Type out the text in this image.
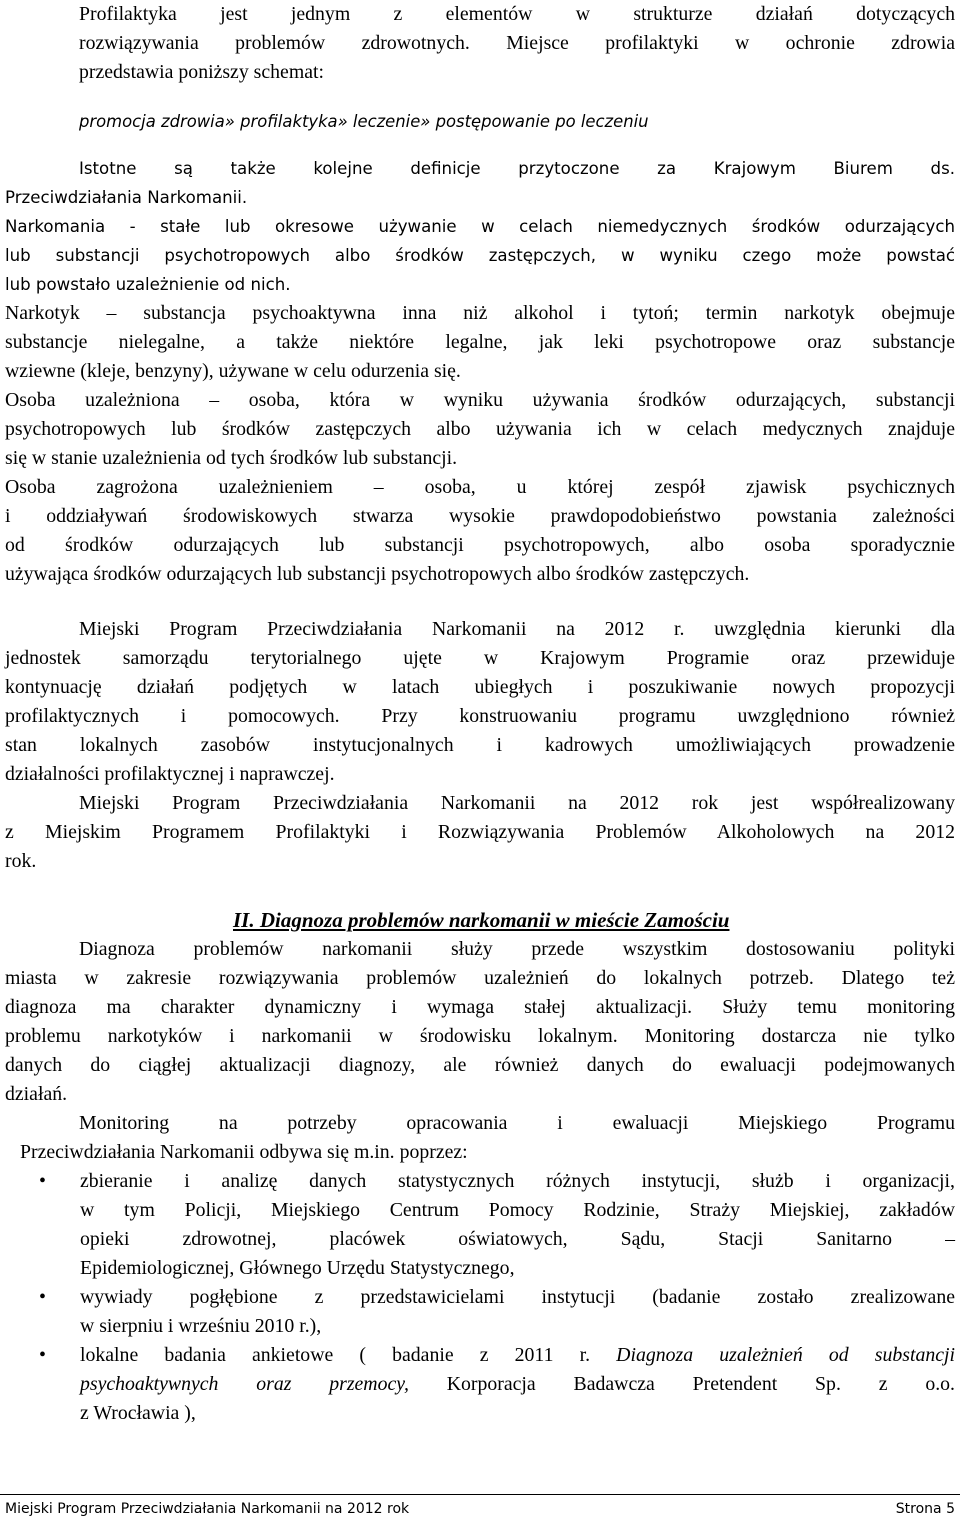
Profilaktyka jest jednym z elementów w strukturze działań dotyczących
rozwiązywania problemów zdrowotnych. Miejsce profilaktyki w ochronie zdrowia
przedstawia poniższy schemat:

promocja zdrowia» profilaktyka» leczenie» postępowanie po leczeniu

Istotne są także kolejne definicje przytoczone za Krajowym Biurem ds.
Przeciwdziałania Narkomanii.

Narkomania - stałe lub okresowe używanie w celach niemedycznych środków odurzających
lub substancji psychotropowych albo środków zastępczych, w wyniku czego może powstać
lub powstało uzależnienie od nich.

Narkotyk – substancja psychoaktywna inna niż alkohol i tytoń; termin narkotyk obejmuje
substancje nielegalne, a także niektóre legalne, jak leki psychotropowe oraz substancje
wziewne (kleje, benzyny), używane w celu odurzenia się.

Osoba uzależniona – osoba, która w wyniku używania środków odurzających, substancji
psychotropowych lub środków zastępczych albo używania ich w celach medycznych znajduje
się w stanie uzależnienia od tych środków lub substancji.

Osoba zagrożona uzależnieniem – osoba, u której zespół zjawisk psychicznych
i oddziaływań środowiskowych stwarza wysokie prawdopodobieństwo powstania zależności
od środków odurzających lub substancji psychotropowych, albo osoba sporadycznie
używająca środków odurzających lub substancji psychotropowych albo środków zastępczych.

Miejski Program Przeciwdziałania Narkomanii na 2012 r. uwzględnia kierunki dla
jednostek samorządu terytorialnego ujęte w Krajowym Programie oraz przewiduje
kontynuację działań podjętych w latach ubiegłych i poszukiwanie nowych propozycji
profilaktycznych i pomocowych. Przy konstruowaniu programu uwzględniono również
stan lokalnych zasobów instytucjonalnych i kadrowych umożliwiających prowadzenie
działalności profilaktycznej i naprawczej.

Miejski Program Przeciwdziałania Narkomanii na 2012 rok jest współrealizowany
z Miejskim Programem Profilaktyki i Rozwiązywania Problemów Alkoholowych na 2012
rok.

II. Diagnoza problemów narkomanii w mieście Zamościu

Diagnoza problemów narkomanii służy przede wszystkim dostosowaniu polityki
miasta w zakresie rozwiązywania problemów uzależnień do lokalnych potrzeb. Dlatego też
diagnoza ma charakter dynamiczny i wymaga stałej aktualizacji. Służy temu monitoring
problemu narkotyków i narkomanii w środowisku lokalnym. Monitoring dostarcza nie tylko
danych do ciągłej aktualizacji diagnozy, ale również danych do ewaluacji podejmowanych
działań.

Monitoring na potrzeby opracowania i ewaluacji Miejskiego Programu
Przeciwdziałania Narkomanii odbywa się m.in. poprzez:

• zbieranie i analizę danych statystycznych różnych instytucji, służb i organizacji,
w tym Policji, Miejskiego Centrum Pomocy Rodzinie, Straży Miejskiej, zakładów
opieki zdrowotnej, placówek oświatowych, Sądu, Stacji Sanitarno –
Epidemiologicznej, Głównego Urzędu Statystycznego,

• wywiady pogłębione z przedstawicielami instytucji (badanie zostało zrealizowane
w sierpniu i wrześniu 2010 r.),

• lokalne badania ankietowe ( badanie z 2011 r. Diagnoza uzależnień od substancji
psychoaktywnych oraz przemocy, Korporacja Badawcza Pretendent Sp. z o.o.
z Wrocławia ),

Miejski Program Przeciwdziałania Narkomanii na 2012 rok	Strona 5
